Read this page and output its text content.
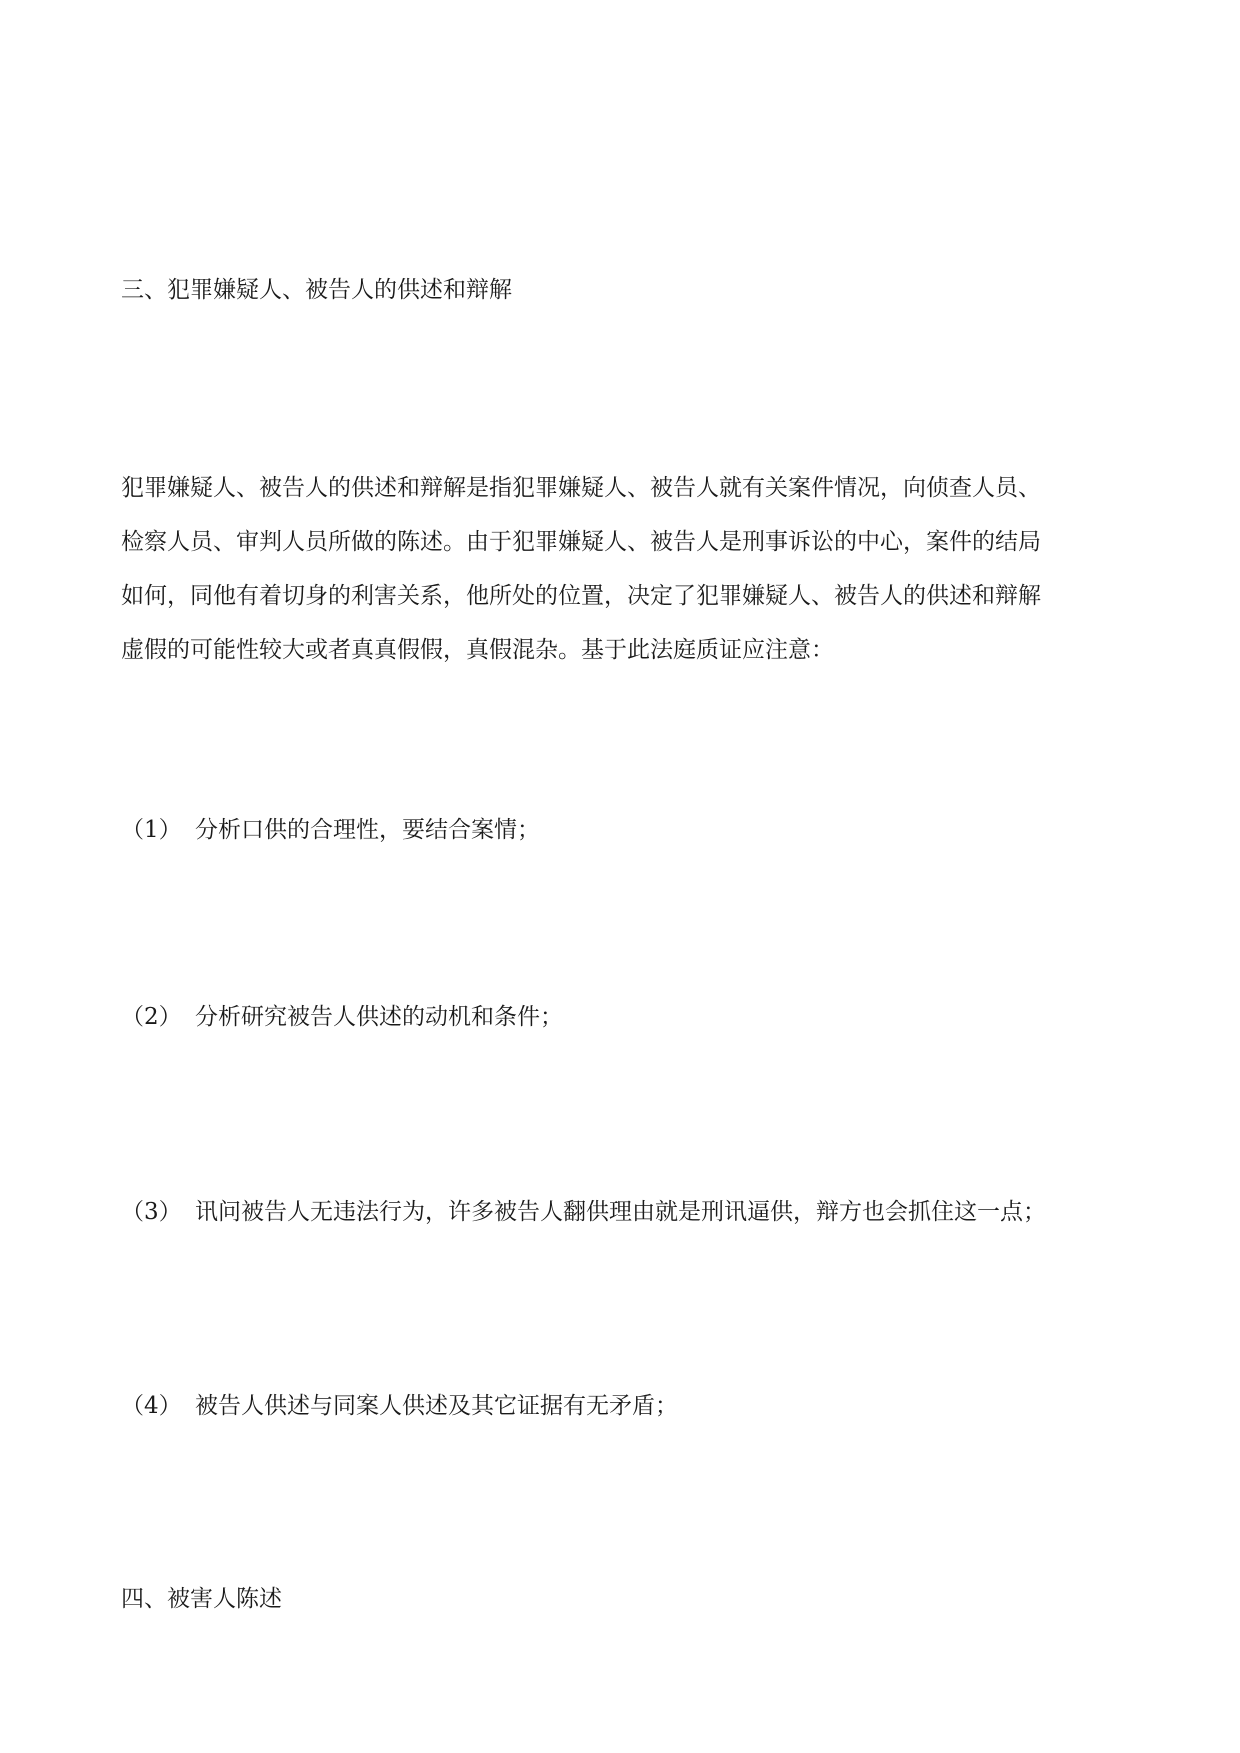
三、犯罪嫌疑人、被告人的供述和辩解
犯罪嫌疑人、被告人的供述和辩解是指犯罪嫌疑人、被告人就有关案件情况，向侦查人员、
检察人员、审判人员所做的陈述。由于犯罪嫌疑人、被告人是刑事诉讼的中心，案件的结局
如何，同他有着切身的利害关系，他所处的位置，决定了犯罪嫌疑人、被告人的供述和辩解
虚假的可能性较大或者真真假假，真假混杂。基于此法庭质证应注意：

（1） 分析口供的合理性，要结合案情；

（2） 分析研究被告人供述的动机和条件；

（3） 讯问被告人无违法行为，许多被告人翻供理由就是刑讯逼供，辩方也会抓住这一点；

（4） 被告人供述与同案人供述及其它证据有无矛盾；

四、被害人陈述
